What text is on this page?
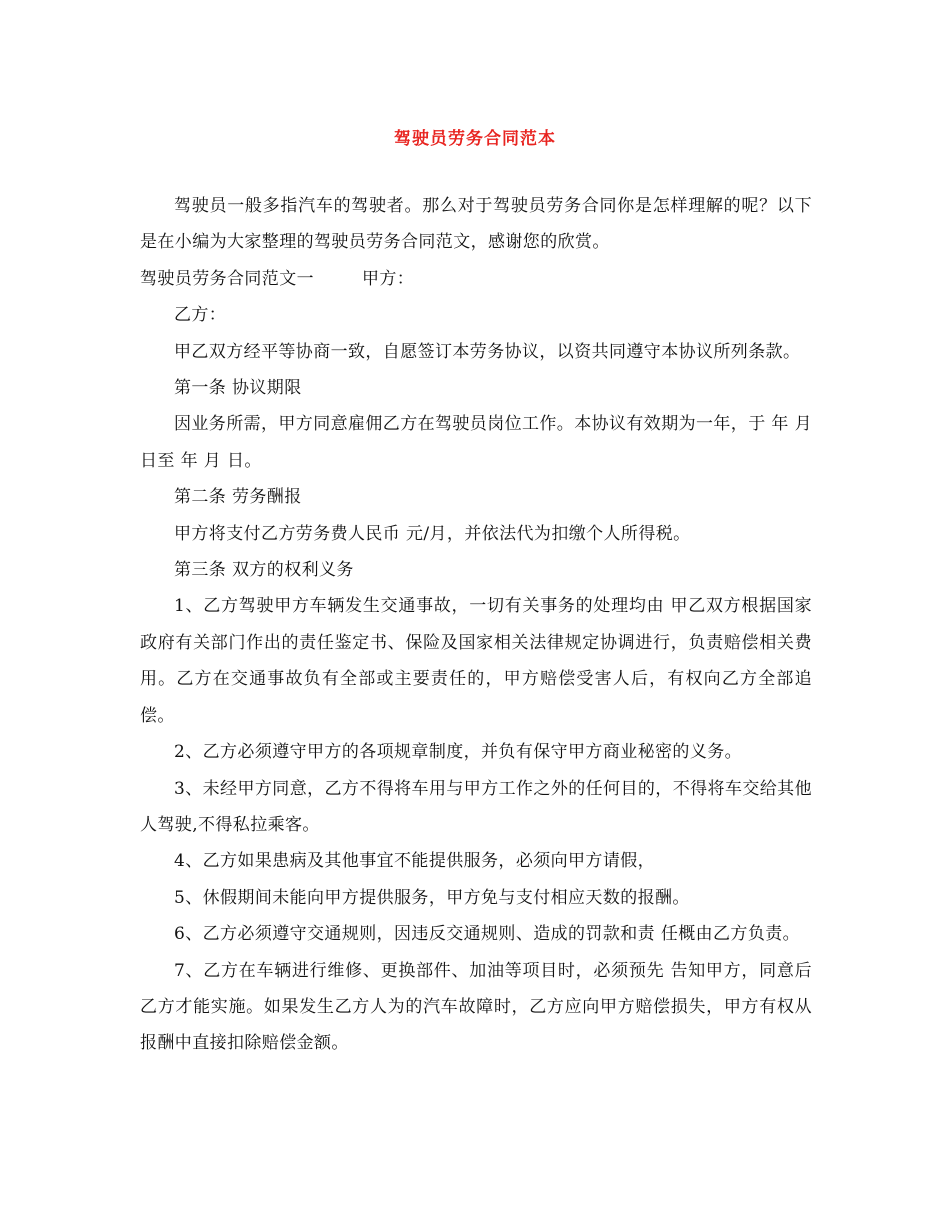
驾驶员劳务合同范本

驾驶员一般多指汽车的驾驶者。那么对于驾驶员劳务合同你是怎样理解的呢？以下是在小编为大家整理的驾驶员劳务合同范文，感谢您的欣赏。

驾驶员劳务合同范文一	甲方：

乙方：

甲乙双方经平等协商一致，自愿签订本劳务协议，以资共同遵守本协议所列条款。

第一条 协议期限

因业务所需，甲方同意雇佣乙方在驾驶员岗位工作。本协议有效期为一年，于 年 月 日至 年 月 日。

第二条 劳务酬报

甲方将支付乙方劳务费人民币 元/月，并依法代为扣缴个人所得税。

第三条 双方的权利义务

1、乙方驾驶甲方车辆发生交通事故，一切有关事务的处理均由 甲乙双方根据国家政府有关部门作出的责任鉴定书、保险及国家相关法律规定协调进行，负责赔偿相关费用。乙方在交通事故负有全部或主要责任的，甲方赔偿受害人后，有权向乙方全部追偿。

2、乙方必须遵守甲方的各项规章制度，并负有保守甲方商业秘密的义务。

3、未经甲方同意，乙方不得将车用与甲方工作之外的任何目的，不得将车交给其他人驾驶,不得私拉乘客。

4、乙方如果患病及其他事宜不能提供服务，必须向甲方请假，

5、休假期间未能向甲方提供服务，甲方免与支付相应天数的报酬。

6、乙方必须遵守交通规则，因违反交通规则、造成的罚款和责 任概由乙方负责。

7、乙方在车辆进行维修、更换部件、加油等项目时，必须预先 告知甲方，同意后乙方才能实施。如果发生乙方人为的汽车故障时，乙方应向甲方赔偿损失，甲方有权从报酬中直接扣除赔偿金额。
